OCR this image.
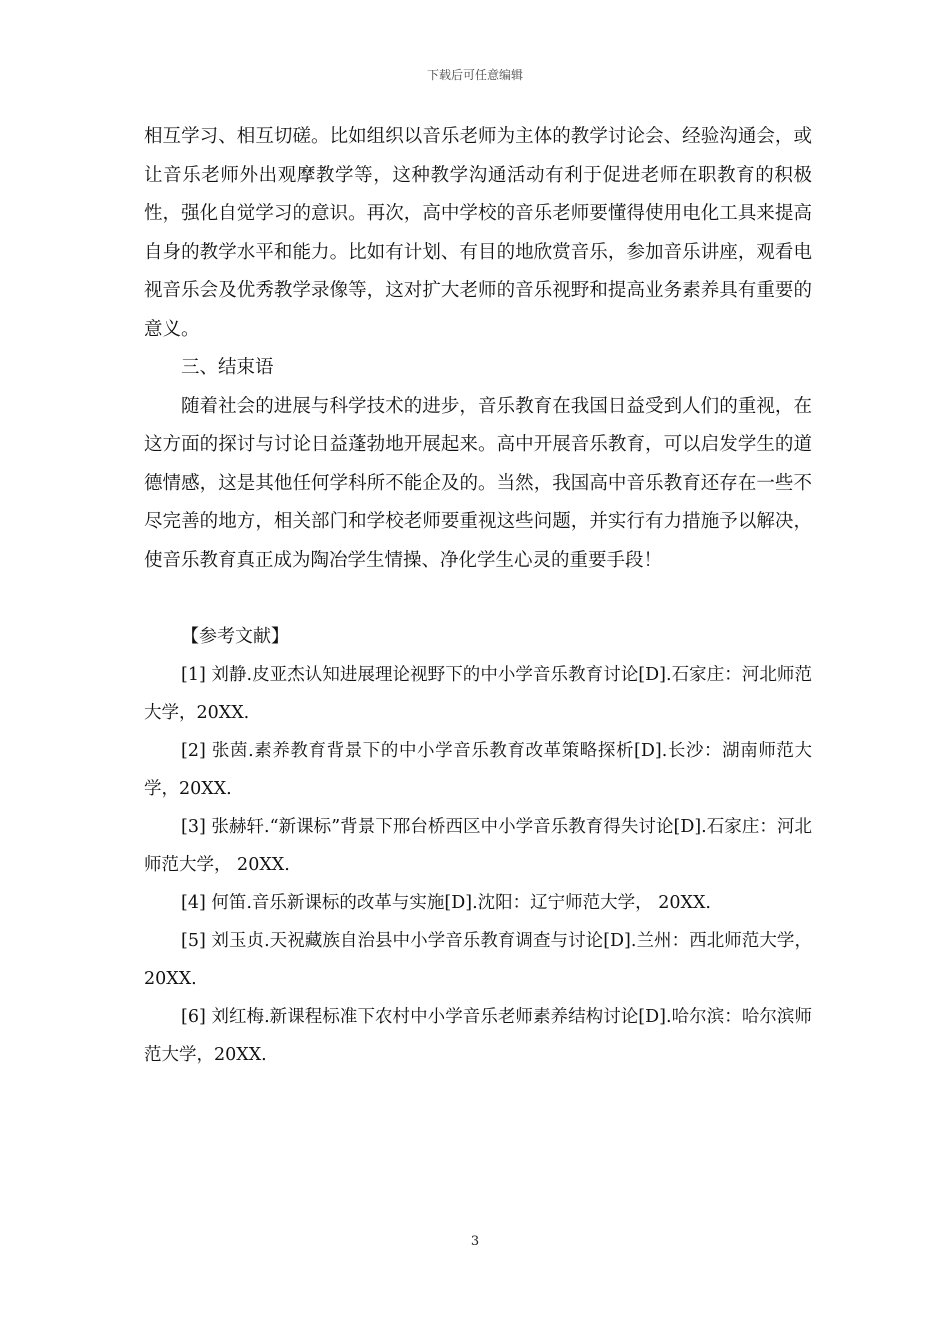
下载后可任意编辑

相互学习、相互切磋。比如组织以音乐老师为主体的教学讨论会、经验沟通会，或让音乐老师外出观摩教学等，这种教学沟通活动有利于促进老师在职教育的积极性，强化自觉学习的意识。再次，高中学校的音乐老师要懂得使用电化工具来提高自身的教学水平和能力。比如有计划、有目的地欣赏音乐，参加音乐讲座，观看电视音乐会及优秀教学录像等，这对扩大老师的音乐视野和提高业务素养具有重要的意义。

三、结束语

随着社会的进展与科学技术的进步，音乐教育在我国日益受到人们的重视，在这方面的探讨与讨论日益蓬勃地开展起来。高中开展音乐教育，可以启发学生的道德情感，这是其他任何学科所不能企及的。当然，我国高中音乐教育还存在一些不尽完善的地方，相关部门和学校老师要重视这些问题，并实行有力措施予以解决，使音乐教育真正成为陶冶学生情操、净化学生心灵的重要手段！

【参考文献】

[1] 刘静.皮亚杰认知进展理论视野下的中小学音乐教育讨论[D].石家庄：河北师范大学，20XX.

[2] 张茵.素养教育背景下的中小学音乐教育改革策略探析[D].长沙：湖南师范大学，20XX.

[3] 张赫轩.“新课标”背景下邢台桥西区中小学音乐教育得失讨论[D].石家庄：河北师范大学， 20XX.

[4] 何笛.音乐新课标的改革与实施[D].沈阳：辽宁师范大学， 20XX.

[5] 刘玉贞.天祝藏族自治县中小学音乐教育调查与讨论[D].兰州：西北师范大学，20XX.

[6] 刘红梅.新课程标准下农村中小学音乐老师素养结构讨论[D].哈尔滨：哈尔滨师范大学，20XX.

3
